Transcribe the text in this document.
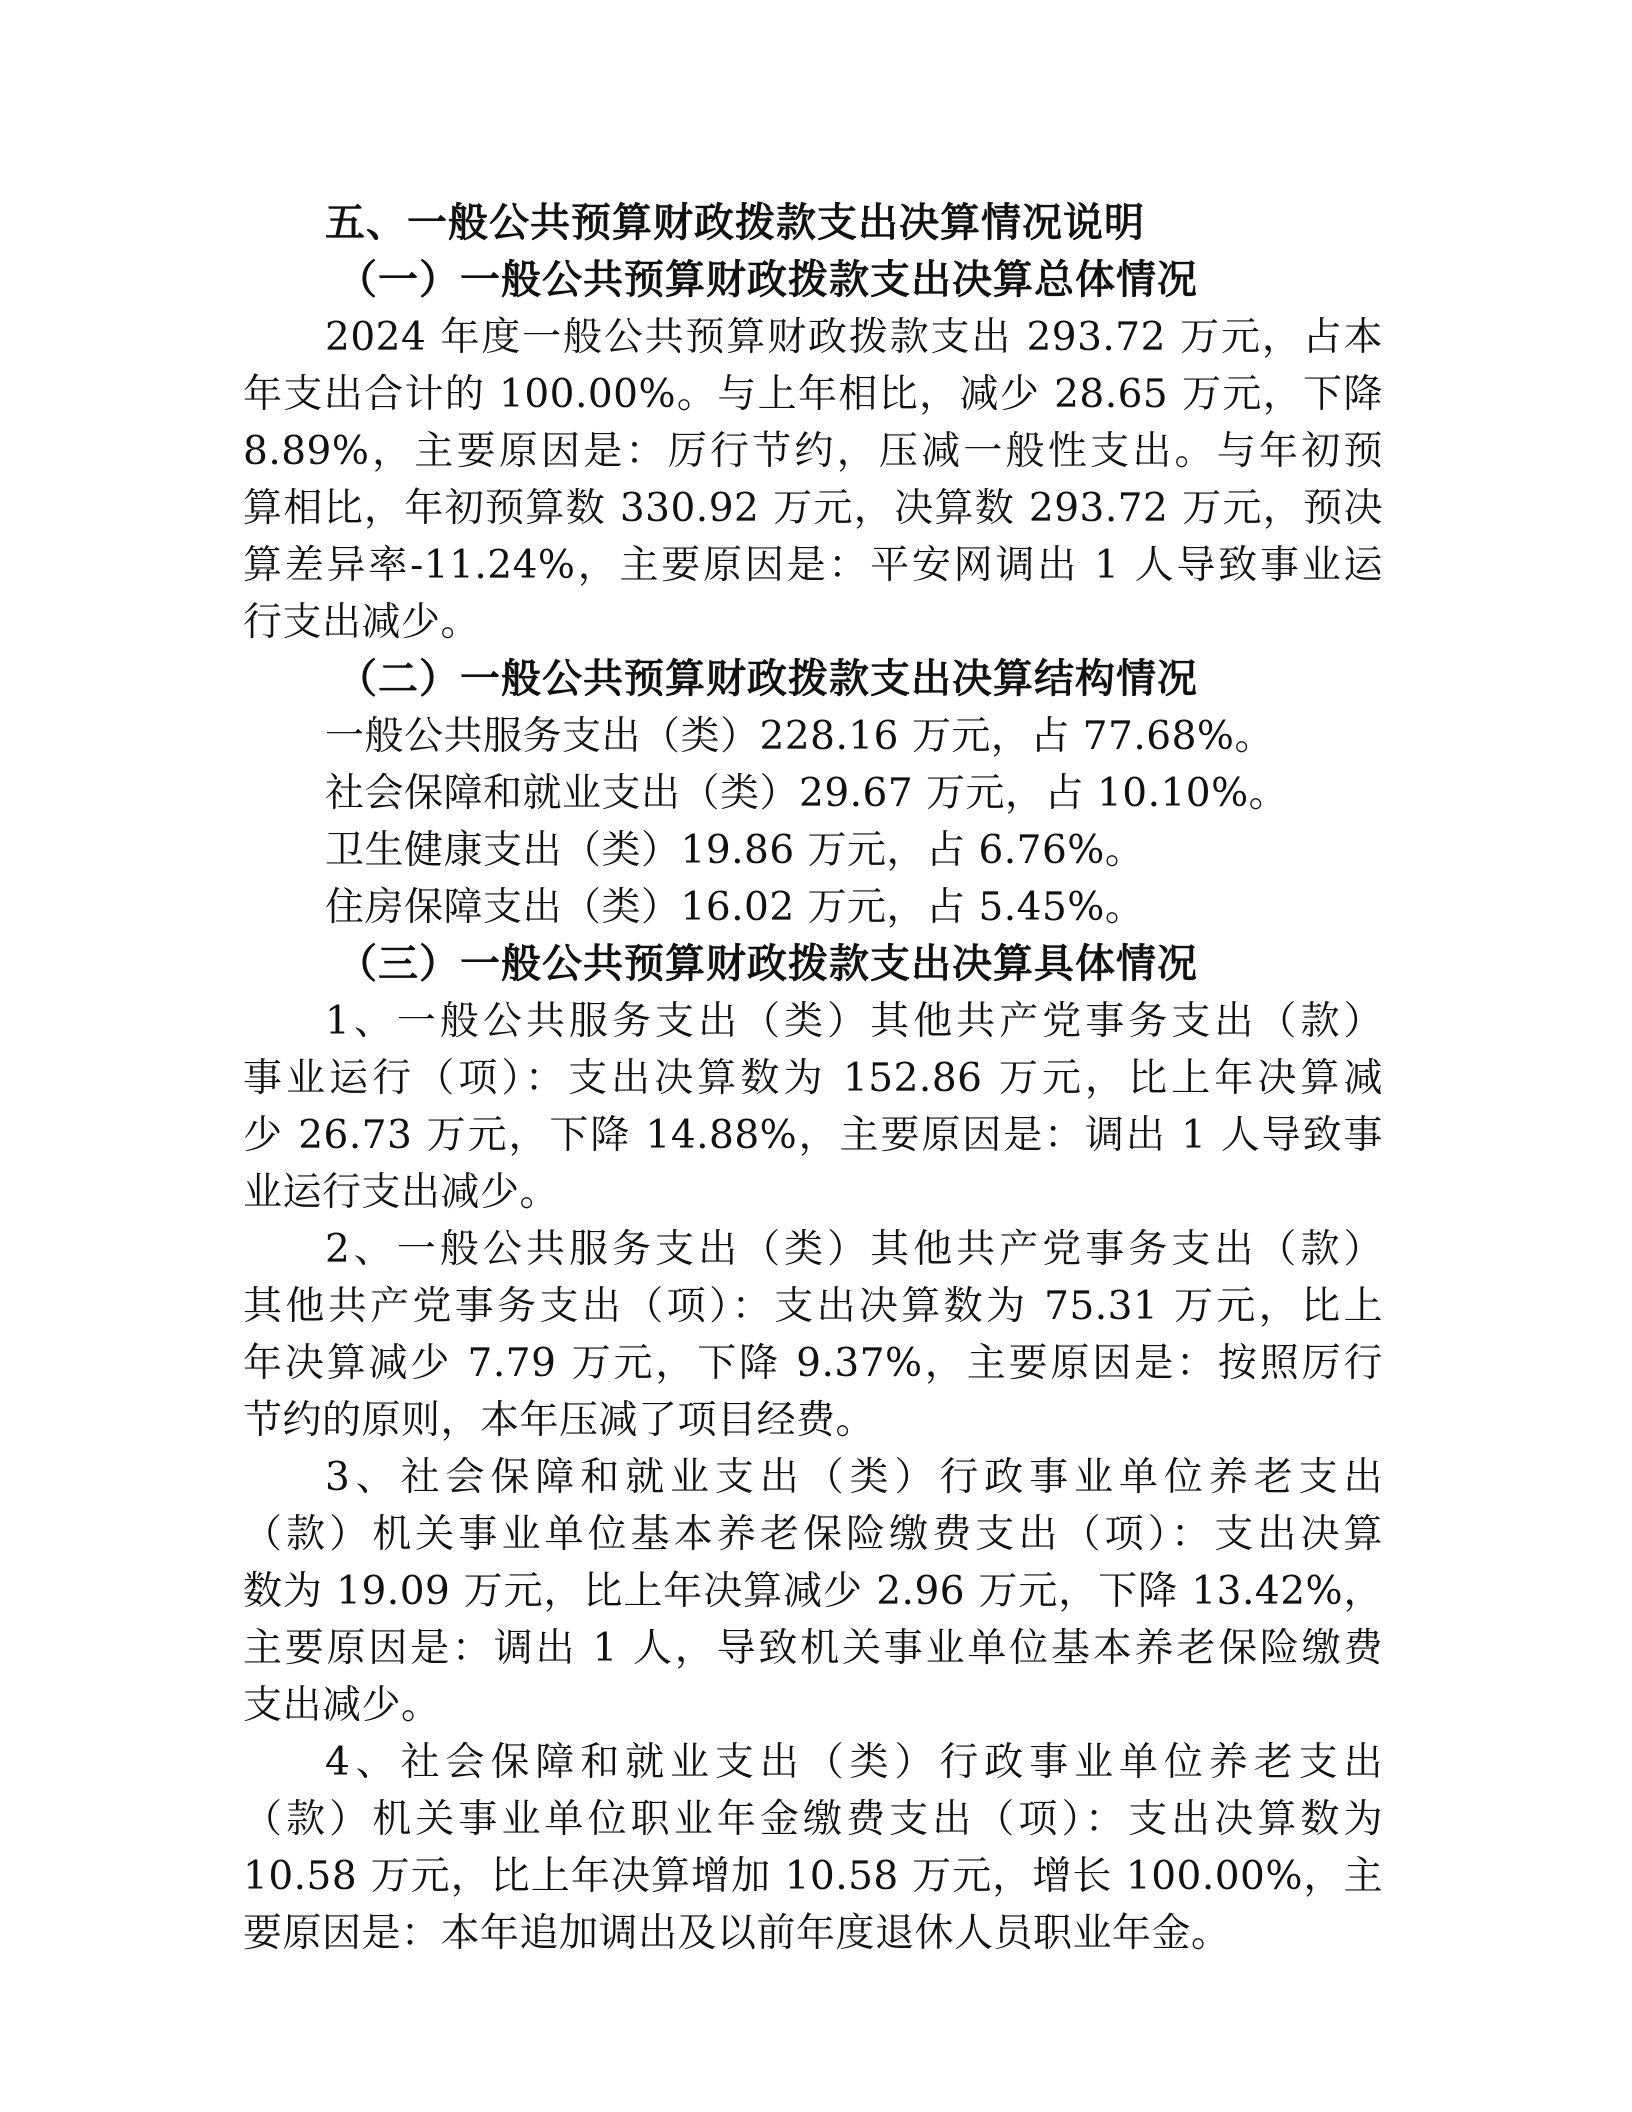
五、一般公共预算财政拨款支出决算情况说明
（一）一般公共预算财政拨款支出决算总体情况
2024 年度一般公共预算财政拨款支出 293.72 万元，占本
年支出合计的 100.00%。与上年相比，减少 28.65 万元，下降
8.89%，主要原因是：厉行节约，压减一般性支出。与年初预
算相比，年初预算数 330.92 万元，决算数 293.72 万元，预决
算差异率-11.24%，主要原因是：平安网调出 1 人导致事业运
行支出减少。
（二）一般公共预算财政拨款支出决算结构情况
一般公共服务支出（类）228.16 万元，占 77.68%。
社会保障和就业支出（类）29.67 万元，占 10.10%。
卫生健康支出（类）19.86 万元，占 6.76%。
住房保障支出（类）16.02 万元，占 5.45%。
（三）一般公共预算财政拨款支出决算具体情况
1、一般公共服务支出（类）其他共产党事务支出（款）
事业运行（项）：支出决算数为 152.86 万元，比上年决算减
少 26.73 万元，下降 14.88%，主要原因是：调出 1 人导致事
业运行支出减少。
2、一般公共服务支出（类）其他共产党事务支出（款）
其他共产党事务支出（项）：支出决算数为 75.31 万元，比上
年决算减少 7.79 万元，下降 9.37%，主要原因是：按照厉行
节约的原则，本年压减了项目经费。
3、社会保障和就业支出（类）行政事业单位养老支出
（款）机关事业单位基本养老保险缴费支出（项）：支出决算
数为 19.09 万元，比上年决算减少 2.96 万元，下降 13.42%，
主要原因是：调出 1 人，导致机关事业单位基本养老保险缴费
支出减少。
4、社会保障和就业支出（类）行政事业单位养老支出
（款）机关事业单位职业年金缴费支出（项）：支出决算数为
10.58 万元，比上年决算增加 10.58 万元，增长 100.00%，主
要原因是：本年追加调出及以前年度退休人员职业年金。
